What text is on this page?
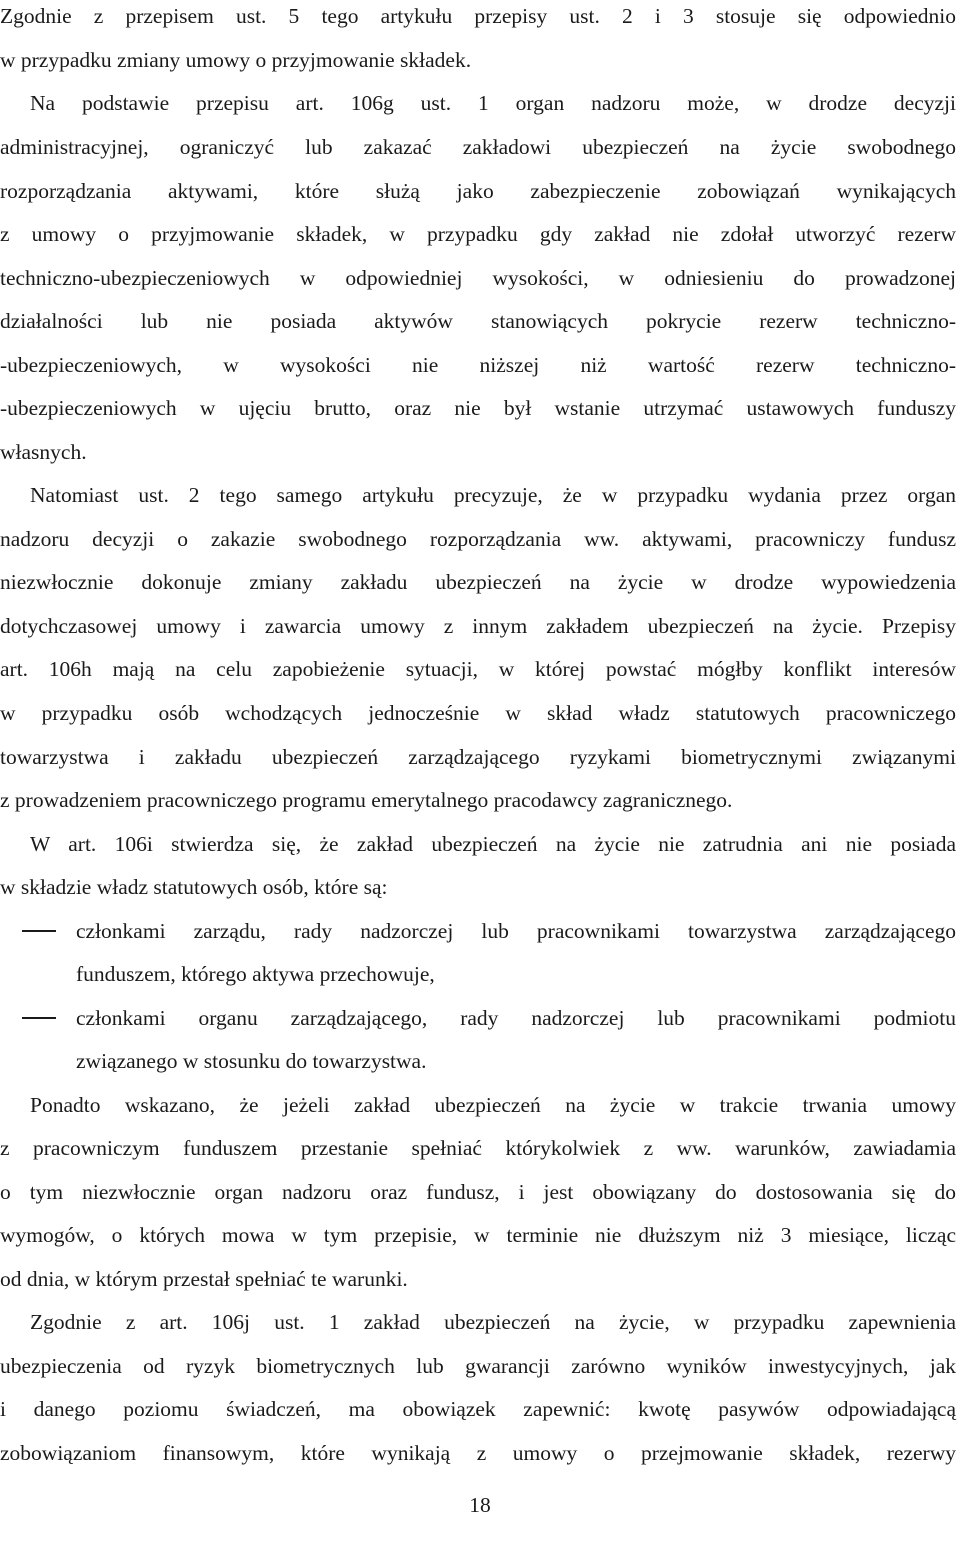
Zgodnie z przepisem ust. 5 tego artykułu przepisy ust. 2 i 3 stosuje się odpowiednio
w przypadku zmiany umowy o przyjmowanie składek.
Na podstawie przepisu art. 106g ust. 1 organ nadzoru może, w drodze decyzji
administracyjnej, ograniczyć lub zakazać zakładowi ubezpieczeń na życie swobodnego
rozporządzania aktywami, które służą jako zabezpieczenie zobowiązań wynikających
z umowy o przyjmowanie składek, w przypadku gdy zakład nie zdołał utworzyć rezerw
techniczno-ubezpieczeniowych w odpowiedniej wysokości, w odniesieniu do prowadzonej
działalności lub nie posiada aktywów stanowiących pokrycie rezerw techniczno-
-ubezpieczeniowych, w wysokości nie niższej niż wartość rezerw techniczno-
-ubezpieczeniowych w ujęciu brutto, oraz nie był wstanie utrzymać ustawowych funduszy
własnych.
Natomiast ust. 2 tego samego artykułu precyzuje, że w przypadku wydania przez organ
nadzoru decyzji o zakazie swobodnego rozporządzania ww. aktywami, pracowniczy fundusz
niezwłocznie dokonuje zmiany zakładu ubezpieczeń na życie w drodze wypowiedzenia
dotychczasowej umowy i zawarcia umowy z innym zakładem ubezpieczeń na życie. Przepisy
art. 106h mają na celu zapobieżenie sytuacji, w której powstać mógłby konflikt interesów
w przypadku osób wchodzących jednocześnie w skład władz statutowych pracowniczego
towarzystwa i zakładu ubezpieczeń zarządzającego ryzykami biometrycznymi związanymi
z prowadzeniem pracowniczego programu emerytalnego pracodawcy zagranicznego.
W art. 106i stwierdza się, że zakład ubezpieczeń na życie nie zatrudnia ani nie posiada
w składzie władz statutowych osób, które są:
członkami zarządu, rady nadzorczej lub pracownikami towarzystwa zarządzającego
funduszem, którego aktywa przechowuje,
członkami organu zarządzającego, rady nadzorczej lub pracownikami podmiotu
związanego w stosunku do towarzystwa.
Ponadto wskazano, że jeżeli zakład ubezpieczeń na życie w trakcie trwania umowy
z pracowniczym funduszem przestanie spełniać którykolwiek z ww. warunków, zawiadamia
o tym niezwłocznie organ nadzoru oraz fundusz, i jest obowiązany do dostosowania się do
wymogów, o których mowa w tym przepisie, w terminie nie dłuższym niż 3 miesiące, licząc
od dnia, w którym przestał spełniać te warunki.
Zgodnie z art. 106j ust. 1 zakład ubezpieczeń na życie, w przypadku zapewnienia
ubezpieczenia od ryzyk biometrycznych lub gwarancji zarówno wyników inwestycyjnych, jak
i danego poziomu świadczeń, ma obowiązek zapewnić: kwotę pasywów odpowiadającą
zobowiązaniom finansowym, które wynikają z umowy o przejmowanie składek, rezerwy
18
